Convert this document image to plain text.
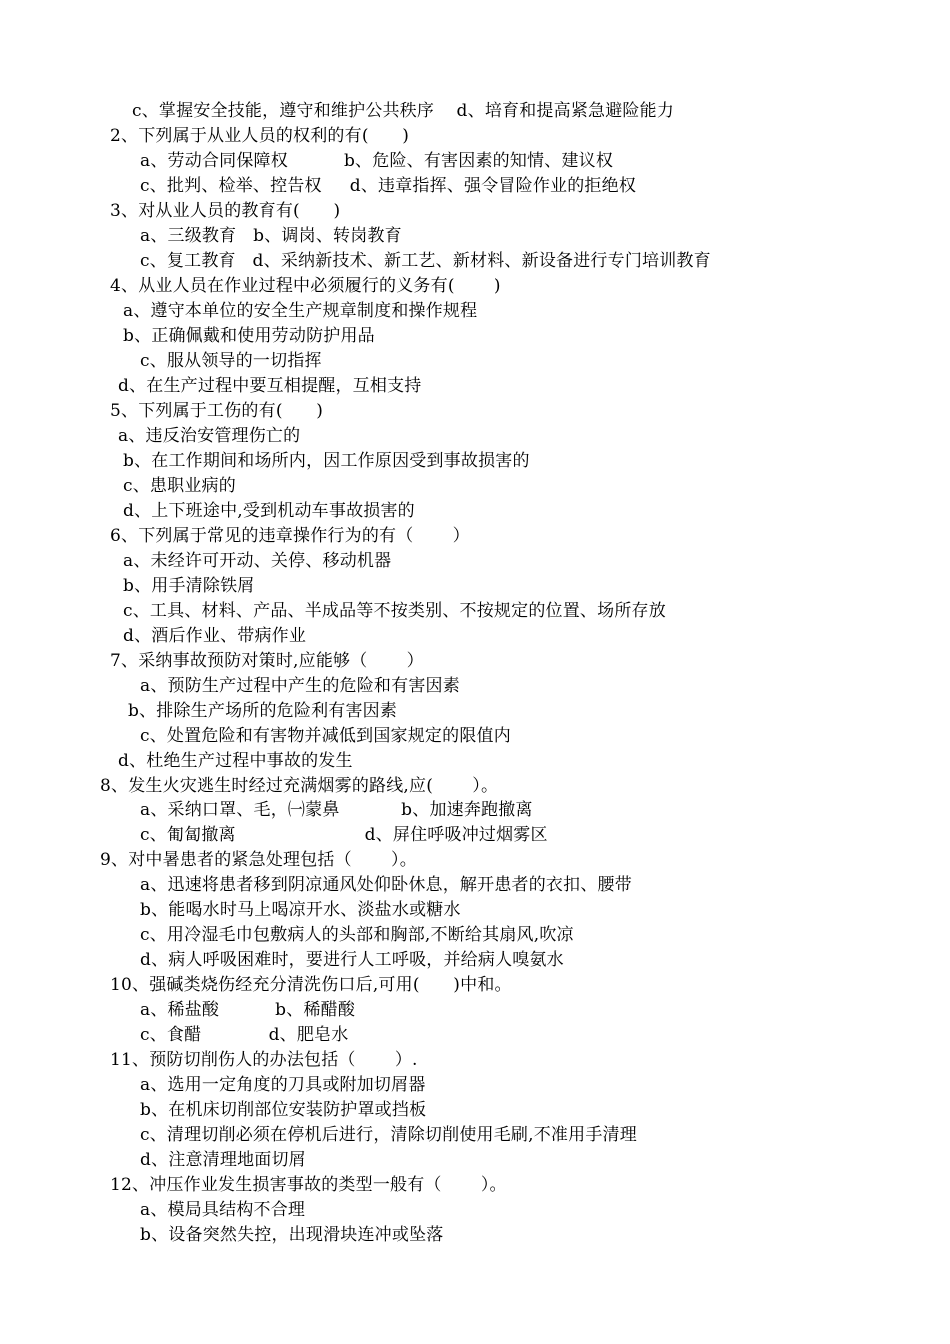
c、掌握安全技能，遵守和维护公共秩序    d、培育和提高紧急避险能力
2、下列属于从业人员的权利的有(      )
a、劳动合同保障权          b、危险、有害因素的知情、建议权
c、批判、检举、控告权     d、违章指挥、强令冒险作业的拒绝权
3、对从业人员的教育有(      )
a、三级教育   b、调岗、转岗教育
c、复工教育   d、采纳新技术、新工艺、新材料、新设备进行专门培训教育
4、从业人员在作业过程中必须履行的义务有(       )
a、遵守本单位的安全生产规章制度和操作规程
b、正确佩戴和使用劳动防护用品
c、服从领导的一切指挥
d、在生产过程中要互相提醒，互相支持
5、下列属于工伤的有(      )
a、违反治安管理伤亡的
b、在工作期间和场所内，因工作原因受到事故损害的
c、患职业病的
d、上下班途中,受到机动车事故损害的
6、下列属于常见的违章操作行为的有（       ）
a、未经许可开动、关停、移动机器
b、用手清除铁屑
c、工具、材料、产品、半成品等不按类别、不按规定的位置、场所存放
d、酒后作业、带病作业
7、采纳事故预防对策时,应能够（       ）
a、预防生产过程中产生的危险和有害因素
b、排除生产场所的危险利有害因素
c、处置危险和有害物并减低到国家规定的限值内
d、杜绝生产过程中事故的发生
8、发生火灾逃生时经过充满烟雾的路线,应(       ）。
a、采纳口罩、毛，㈠蒙鼻           b、加速奔跑撤离
c、匍匐撤离                       d、屏住呼吸冲过烟雾区
9、对中暑患者的紧急处理包括（       ）。
a、迅速将患者移到阴凉通风处仰卧休息，解开患者的衣扣、腰带
b、能喝水时马上喝凉开水、淡盐水或糖水
c、用冷湿毛巾包敷病人的头部和胸部,不断给其扇风,吹凉
d、病人呼吸困难时，要进行人工呼吸，并给病人嗅氨水
10、强碱类烧伤经充分清洗伤口后,可用(      )中和。
a、稀盐酸          b、稀醋酸
c、食醋            d、肥皂水
11、预防切削伤人的办法包括（       ）.
a、选用一定角度的刀具或附加切屑器
b、在机床切削部位安装防护罩或挡板
c、清理切削必须在停机后进行，清除切削使用毛刷,不准用手清理
d、注意清理地面切屑
12、冲压作业发生损害事故的类型一般有（       ）。
a、模局具结构不合理
b、设备突然失控，出现滑块连冲或坠落
